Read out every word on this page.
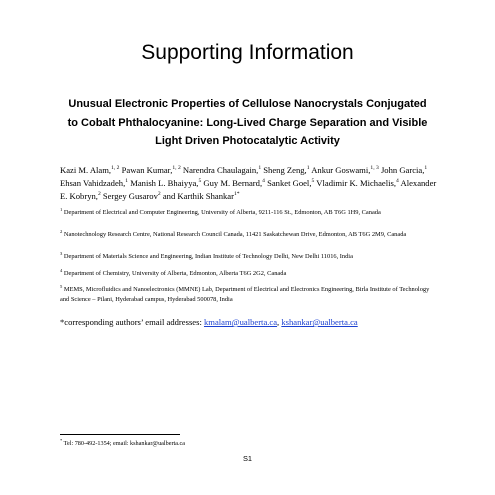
Supporting Information
Unusual Electronic Properties of Cellulose Nanocrystals Conjugated to Cobalt Phthalocyanine: Long-Lived Charge Separation and Visible Light Driven Photocatalytic Activity
Kazi M. Alam,$^{1, 2}$ Pawan Kumar,$^{1, 2}$ Narendra Chaulagain,$^1$ Sheng Zeng,$^1$ Ankur Goswami,$^{1, 3}$ John Garcia,$^1$ Ehsan Vahidzadeh,$^1$ Manish L. Bhaiyya,$^5$ Guy M. Bernard,$^4$ Sanket Goel,$^5$ Vladimir K. Michaelis,$^4$ Alexander E. Kobryn,$^2$ Sergey Gusarov$^2$ and Karthik Shankar$^{1*}$
$^1$ Department of Electrical and Computer Engineering, University of Alberta, 9211-116 St., Edmonton, AB T6G 1H9, Canada
$^2$ Nanotechnology Research Centre, National Research Council Canada, 11421 Saskatchewan Drive, Edmonton, AB T6G 2M9, Canada
$^3$ Department of Materials Science and Engineering, Indian Institute of Technology Delhi, New Delhi 11016, India
$^4$ Department of Chemistry, University of Alberta, Edmonton, Alberta T6G 2G2, Canada
$^5$ MEMS, Microfluidics and Nanoelectronics (MMNE) Lab, Department of Electrical and Electronics Engineering, Birla Institute of Technology and Science – Pilani, Hyderabad campus, Hyderabad 500078, India
*corresponding authors’ email addresses: kmalam@ualberta.ca, kshankar@ualberta.ca
* Tel: 780-492-1354; email: kshankar@ualberta.ca
S1
